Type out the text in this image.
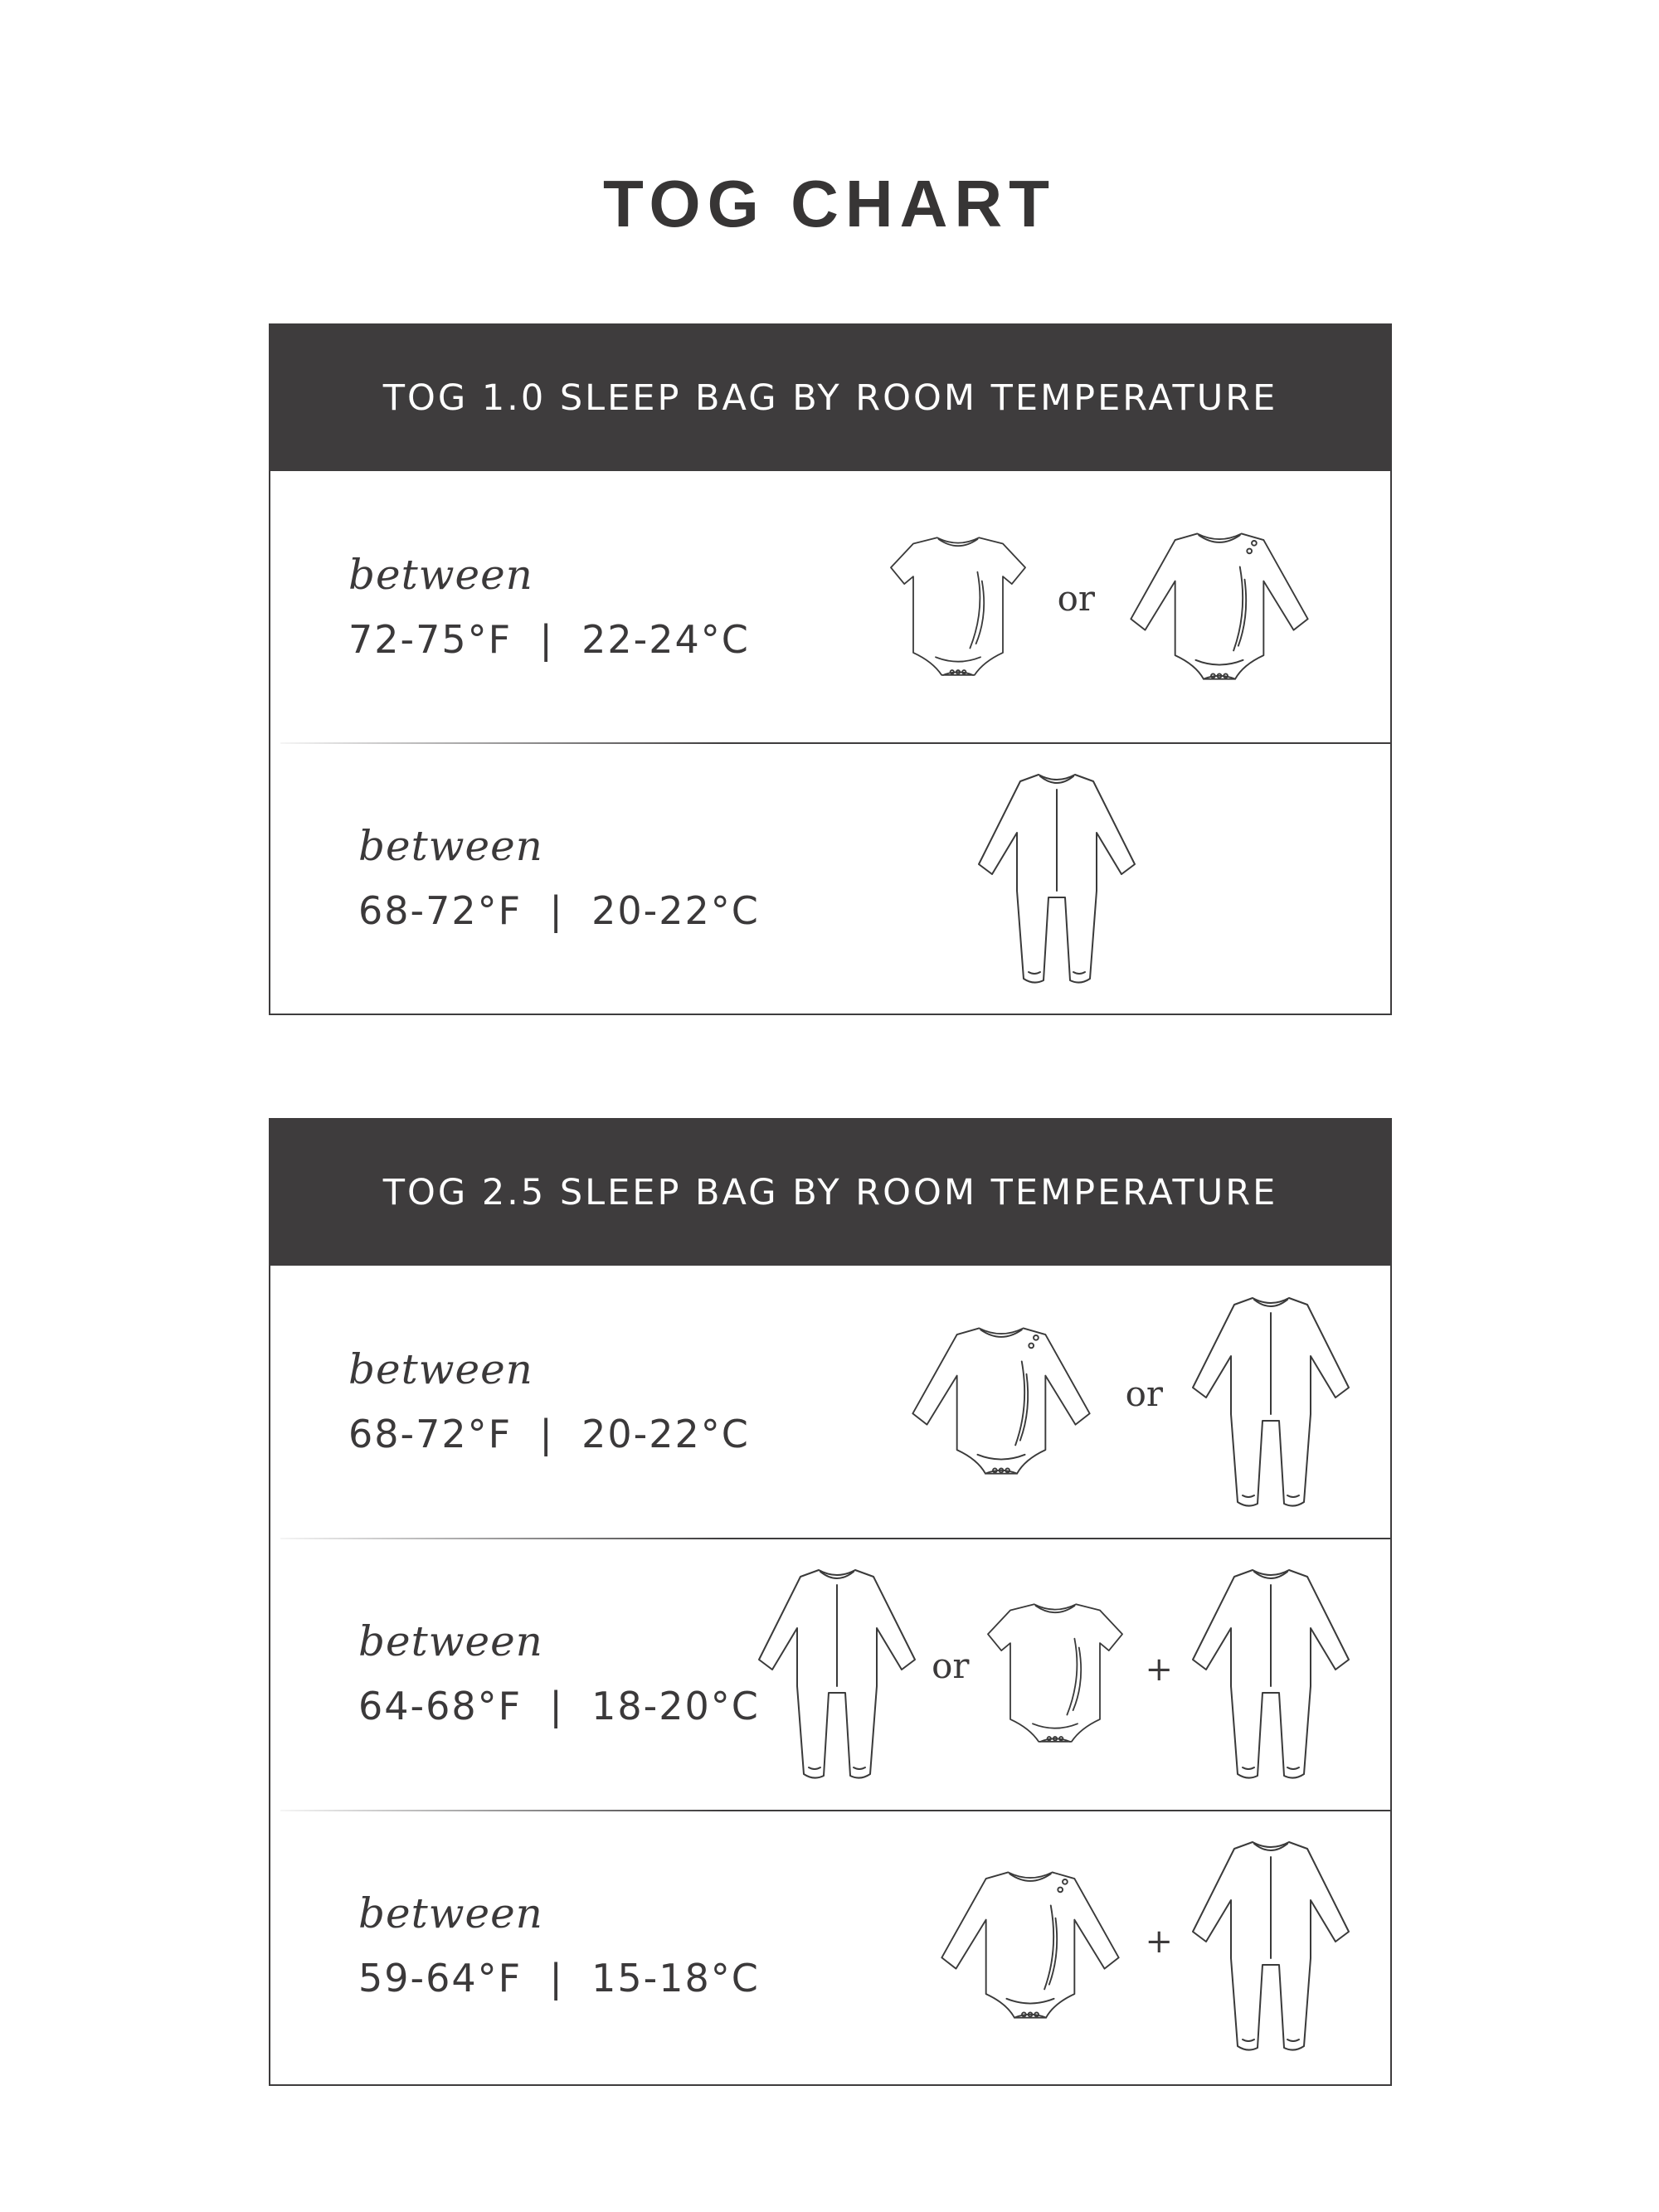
TOG CHART
TOG 1.0 SLEEP BAG BY ROOM TEMPERATURE
between
72-75°F  |  22-24°C
or
between
68-72°F  |  20-22°C
TOG 2.5 SLEEP BAG BY ROOM TEMPERATURE
between
68-72°F  |  20-22°C
or
between
64-68°F  |  18-20°C
or	+
between
59-64°F  |  15-18°C
+
